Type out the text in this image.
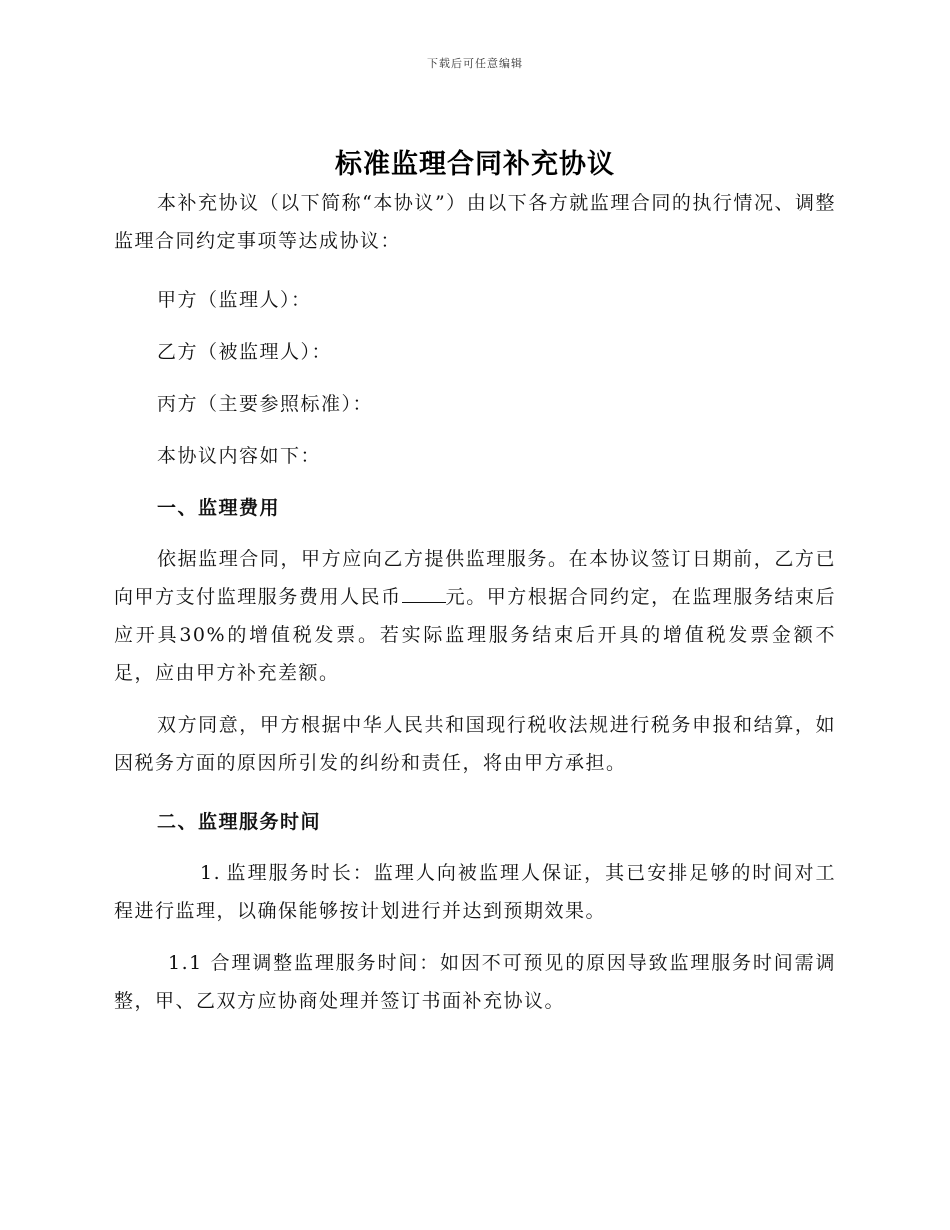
下载后可任意编辑
标准监理合同补充协议

本补充协议（以下简称“本协议”）由以下各方就监理合同的执行情况、调整监理合同约定事项等达成协议：

甲方（监理人）：

乙方（被监理人）：

丙方（主要参照标准）：

本协议内容如下：

一、监理费用

依据监理合同，甲方应向乙方提供监理服务。在本协议签订日期前，乙方已向甲方支付监理服务费用人民币 元。甲方根据合同约定，在监理服务结束后应开具30%的增值税发票。若实际监理服务结束后开具的增值税发票金额不足，应由甲方补充差额。

双方同意，甲方根据中华人民共和国现行税收法规进行税务申报和结算，如因税务方面的原因所引发的纠纷和责任，将由甲方承担。

二、监理服务时间

1. 监理服务时长：监理人向被监理人保证，其已安排足够的时间对工程进行监理，以确保能够按计划进行并达到预期效果。

1.1 合理调整监理服务时间：如因不可预见的原因导致监理服务时间需调整，甲、乙双方应协商处理并签订书面补充协议。
